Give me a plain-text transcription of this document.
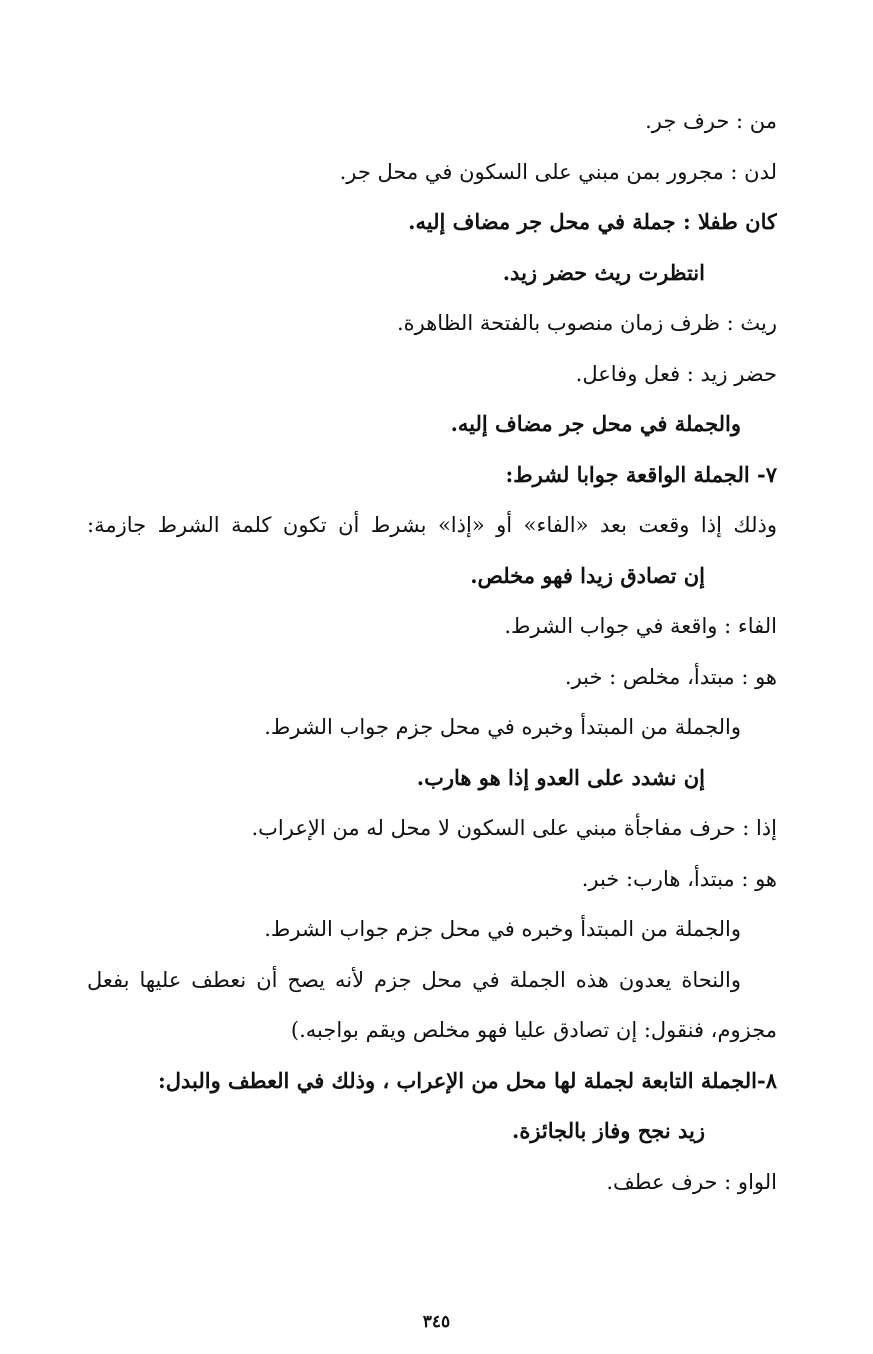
من : حرف جر.
لدن : مجرور بمن مبني على السكون في محل جر.
كان طفلا : جملة في محل جر مضاف إليه.
انتظرت ريث حضر زيد.
ريث : ظرف زمان منصوب بالفتحة الظاهرة.
حضر زيد : فعل وفاعل.
والجملة في محل جر مضاف إليه.
٧- الجملة الواقعة جوابا لشرط:
وذلك إذا وقعت بعد «الفاء» أو «إذا» بشرط أن تكون كلمة الشرط جازمة:
إن تصادق زيدا فهو مخلص.
الفاء : واقعة في جواب الشرط.
هو : مبتدأ، مخلص : خبر.
والجملة من المبتدأ وخبره في محل جزم جواب الشرط.
إن نشدد على العدو إذا هو هارب.
إذا : حرف مفاجأة مبني على السكون لا محل له من الإعراب.
هو : مبتدأ، هارب: خبر.
والجملة من المبتدأ وخبره في محل جزم جواب الشرط.
والنحاة يعدون هذه الجملة في محل جزم لأنه يصح أن نعطف عليها بفعل
مجزوم، فنقول: إن تصادق عليا فهو مخلص ويقم بواجبه.)
٨-الجملة التابعة لجملة لها محل من الإعراب ، وذلك في العطف والبدل:
زيد نجح وفاز بالجائزة.
الواو : حرف عطف.
٣٤٥
